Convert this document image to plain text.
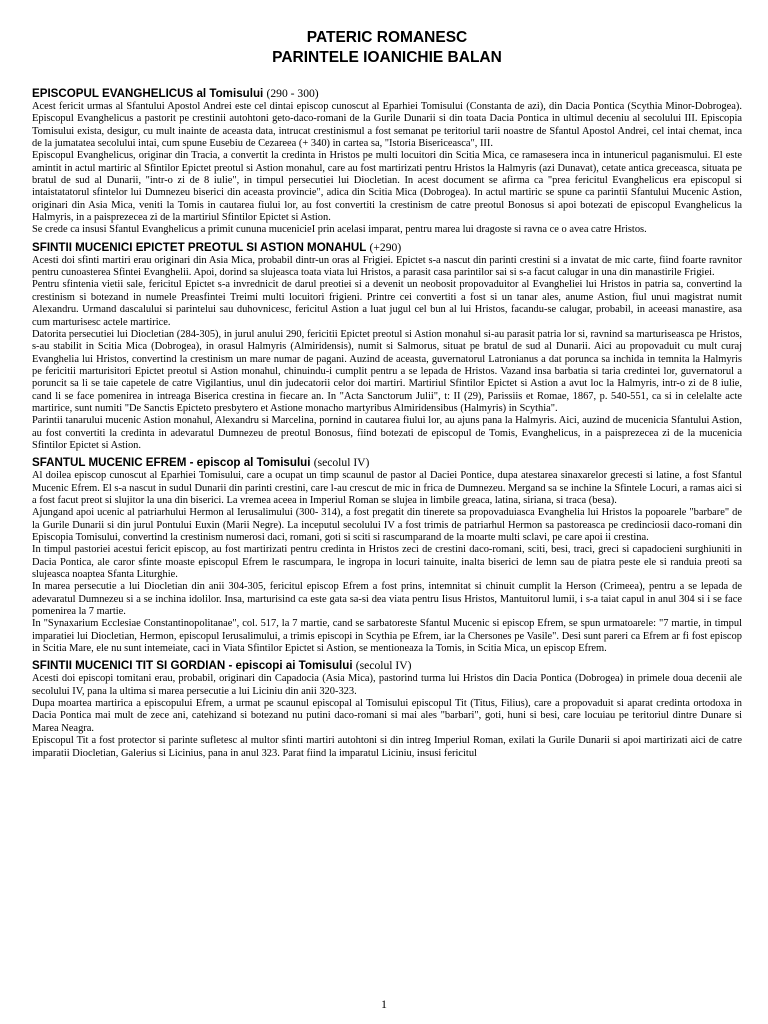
PATERIC ROMANESC
PARINTELE IOANICHIE BALAN
EPISCOPUL EVANGHELICUS al Tomisului (290 - 300)

Acest fericit urmas al Sfantului Apostol Andrei este cel dintai episcop cunoscut al Eparhiei Tomisului (Constanta de azi), din Dacia Pontica (Scythia Minor-Dobrogea). Episcopul Evanghelicus a pastorit pe crestinii autohtoni geto-daco-romani de la Gurile Dunarii si din toata Dacia Pontica in ultimul deceniu al secolului III. Episcopia Tomisului exista, desigur, cu mult inainte de aceasta data, intrucat crestinismul a fost semanat pe teritoriul tarii noastre de Sfantul Apostol Andrei, cel intai chemat, inca de la jumatatea secolului intai, cum spune Eusebiu de Cezareea (+ 340) in cartea sa, "Istoria Bisericeasca", III.

Episcopul Evanghelicus, originar din Tracia, a convertit la credinta in Hristos pe multi locuitori din Scitia Mica, ce ramasesera inca in intunericul paganismului. El este amintit in actul martiric al Sfintilor Epictet preotul si Astion monahul, care au fost martirizati pentru Hristos la Halmyris (azi Dunavat), cetate antica greceasca, situata pe bratul de sud al Dunarii, "intr-o zi de 8 iulie", in timpul persecutiei lui Diocletian. In acest document se afirma ca "prea fericitul Evanghelicus era episcopul si intaistatatorul sfintelor lui Dumnezeu biserici din aceasta provincie", adica din Scitia Mica (Dobrogea). In actul martiric se spune ca parintii Sfantului Mucenic Astion, originari din Asia Mica, veniti la Tomis in cautarea fiului lor, au fost convertiti la crestinism de catre preotul Bonosus si apoi botezati de episcopul Evanghelicus la Halmyris, in a paisprezecea zi de la martiriul Sfintilor Epictet si Astion.

Se crede ca insusi Sfantul Evanghelicus a primit cununa mucenicieI prin acelasi imparat, pentru marea lui dragoste si ravna ce o avea catre Hristos.

SFINTII MUCENICI EPICTET PREOTUL SI ASTION MONAHUL (+290)

Acesti doi sfinti martiri erau originari din Asia Mica, probabil dintr-un oras al Frigiei. Epictet s-a nascut din parinti crestini si a invatat de mic carte, fiind foarte ravnitor pentru cunoasterea Sfintei Evanghelii. Apoi, dorind sa slujeasca toata viata lui Hristos, a parasit casa parintilor sai si s-a facut calugar in una din manastirile Frigiei.

Pentru sfintenia vietii sale, fericitul Epictet s-a invrednicit de darul preotiei si a devenit un neobosit propovaduitor al Evangheliei lui Hristos in patria sa, convertind la crestinism si botezand in numele Preasfintei Treimi multi locuitori frigieni. Printre cei convertiti a fost si un tanar ales, anume Astion, fiul unui magistrat numit Alexandru. Urmand dascalului si parintelui sau duhovnicesc, fericitul Astion a luat jugul cel bun al lui Hristos, facandu-se calugar, probabil, in aceeasi manastire, asa cum marturisesc actele martirice.

Datorita persecutiei lui Diocletian (284-305), in jurul anului 290, fericitii Epictet preotul si Astion monahul si-au parasit patria lor si, ravnind sa marturiseasca pe Hristos, s-au stabilit in Scitia Mica (Dobrogea), in orasul Halmyris (Almiridensis), numit si Salmorus, situat pe bratul de sud al Dunarii. Aici au propovaduit cu mult curaj Evanghelia lui Hristos, convertind la crestinism un mare numar de pagani. Auzind de aceasta, guvernatorul Latronianus a dat porunca sa inchida in temnita la Halmyris pe fericitii marturisitori Epictet preotul si Astion monahul, chinuindu-i cumplit pentru a se lepada de Hristos. Vazand insa barbatia si taria credintei lor, guvernatorul a poruncit sa li se taie capetele de catre Vigilantius, unul din judecatorii celor doi martiri. Martiriul Sfintilor Epictet si Astion a avut loc la Halmyris, intr-o zi de 8 iulie, cand li se face pomenirea in intreaga Biserica crestina in fiecare an. In "Acta Sanctorum Julii", t: II (29), Parissiis et Romae, 1867, p. 540-551, ca si in celelalte acte martirice, sunt numiti "De Sanctis Epicteto presbytero et Astione monacho martyribus Almiridensibus (Halmyris) in Scythia".

Parintii tanarului mucenic Astion monahul, Alexandru si Marcelina, pornind in cautarea fiului lor, au ajuns pana la Halmyris. Aici, auzind de mucenicia Sfantului Astion, au fost convertiti la credinta in adevaratul Dumnezeu de preotul Bonosus, fiind botezati de episcopul de Tomis, Evanghelicus, in a paisprezecea zi de la mucenicia Sfintilor Epictet si Astion.

SFANTUL MUCENIC EFREM - episcop al Tomisului (secolul IV)

Al doilea episcop cunoscut al Eparhiei Tomisului, care a ocupat un timp scaunul de pastor al Daciei Pontice, dupa atestarea sinaxarelor grecesti si latine, a fost Sfantul Mucenic Efrem. El s-a nascut in sudul Dunarii din parinti crestini, care l-au crescut de mic in frica de Dumnezeu. Mergand sa se inchine la Sfintele Locuri, a ramas aici si a fost facut preot si slujitor la una din biserici. La vremea aceea in Imperiul Roman se slujea in limbile greaca, latina, siriana, si traca (besa).

Ajungand apoi ucenic al patriarhului Hermon al Ierusalimului (300- 314), a fost pregatit din tinerete sa propovaduiasca Evanghelia lui Hristos la popoarele "barbare" de la Gurile Dunarii si din jurul Pontului Euxin (Marii Negre). La inceputul secolului IV a fost trimis de patriarhul Hermon sa pastoreasca pe credinciosii daco-romani din Episcopia Tomisului, convertind la crestinism numerosi daci, romani, goti si sciti si rascumparand de la moarte multi sclavi, pe care apoi ii crestina.

In timpul pastoriei acestui fericit episcop, au fost martirizati pentru credinta in Hristos zeci de crestini daco-romani, sciti, besi, traci, greci si capadocieni surghiuniti in Dacia Pontica, ale caror sfinte moaste episcopul Efrem le rascumpara, le ingropa in locuri tainuite, inalta biserici de lemn sau de piatra peste ele si randuia preoti sa slujeasca noaptea Sfanta Liturghie.

In marea persecutie a lui Diocletian din anii 304-305, fericitul episcop Efrem a fost prins, intemnitat si chinuit cumplit la Herson (Crimeea), pentru a se lepada de adevaratul Dumnezeu si a se inchina idolilor. Insa, marturisind ca este gata sa-si dea viata pentru Iisus Hristos, Mantuitorul lumii, i s-a taiat capul in anul 304 si i se face pomenirea la 7 martie.

In "Synaxarium Ecclesiae Constantinopolitanae", col. 517, la 7 martie, cand se sarbatoreste Sfantul Mucenic si episcop Efrem, se spun urmatoarele: "7 martie, in timpul imparatiei lui Diocletian, Hermon, episcopul Ierusalimului, a trimis episcopi in Scythia pe Efrem, iar la Chersones pe Vasile". Desi sunt pareri ca Efrem ar fi fost episcop in Scitia Mare, ele nu sunt intemeiate, caci in Viata Sfintilor Epictet si Astion, se mentioneaza la Tomis, in Scitia Mica, un episcop Efrem.

SFINTII MUCENICI TIT SI GORDIAN - episcopi ai Tomisului (secolul IV)

Acesti doi episcopi tomitani erau, probabil, originari din Capadocia (Asia Mica), pastorind turma lui Hristos din Dacia Pontica (Dobrogea) in primele doua decenii ale secolului IV, pana la ultima si marea persecutie a lui Liciniu din anii 320-323.

Dupa moartea martirica a episcopului Efrem, a urmat pe scaunul episcopal al Tomisului episcopul Tit (Titus, Filius), care a propovaduit si aparat credinta ortodoxa in Dacia Pontica mai mult de zece ani, catehizand si botezand nu putini daco-romani si mai ales "barbari", goti, huni si besi, care locuiau pe teritoriul dintre Dunare si Marea Neagra.

Episcopul Tit a fost protector si parinte sufletesc al multor sfinti martiri autohtoni si din intreg Imperiul Roman, exilati la Gurile Dunarii si apoi martirizati aici de catre imparatii Diocletian, Galerius si Licinius, pana in anul 323. Parat fiind la imparatul Liciniu, insusi fericitul

1
